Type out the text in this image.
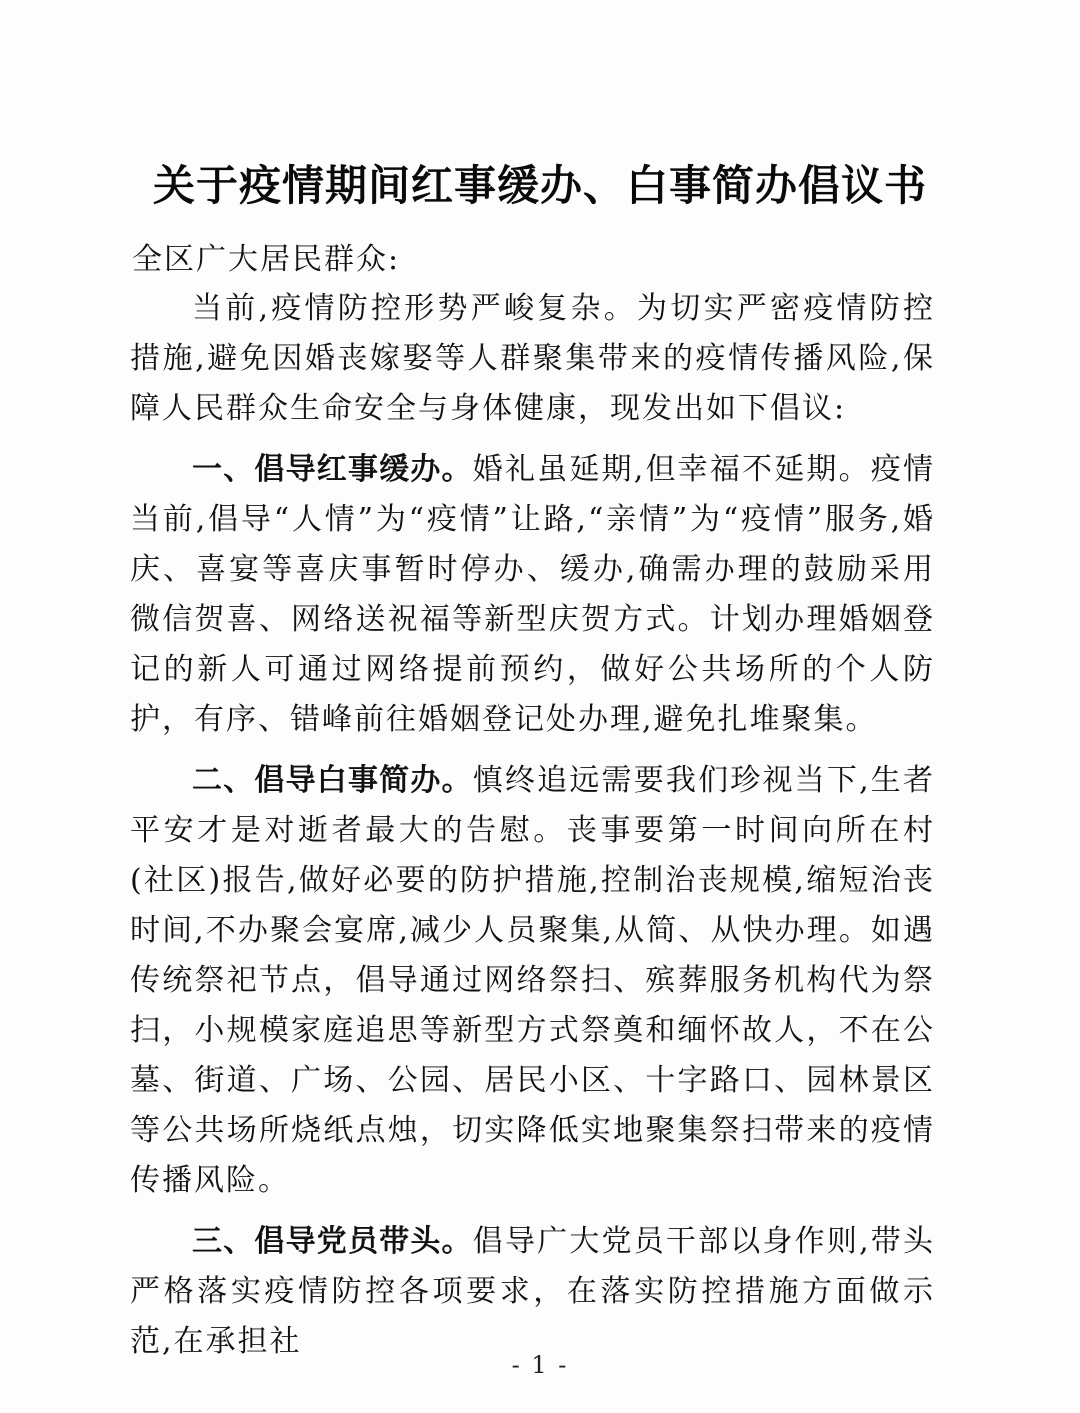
关于疫情期间红事缓办、白事简办倡议书
全区广大居民群众:

当前,疫情防控形势严峻复杂。为切实严密疫情防控措施,避免因婚丧嫁娶等人群聚集带来的疫情传播风险,保障人民群众生命安全与身体健康，现发出如下倡议:

一、倡导红事缓办。婚礼虽延期,但幸福不延期。疫情当前,倡导“人情”为“疫情”让路,“亲情”为“疫情”服务,婚庆、喜宴等喜庆事暂时停办、缓办,确需办理的鼓励采用微信贺喜、网络送祝福等新型庆贺方式。计划办理婚姻登记的新人可通过网络提前预约，做好公共场所的个人防护，有序、错峰前往婚姻登记处办理,避免扎堆聚集。

二、倡导白事简办。慎终追远需要我们珍视当下,生者平安才是对逝者最大的告慰。丧事要第一时间向所在村(社区)报告,做好必要的防护措施,控制治丧规模,缩短治丧时间,不办聚会宴席,减少人员聚集,从简、从快办理。如遇传统祭祀节点，倡导通过网络祭扫、殡葬服务机构代为祭扫，小规模家庭追思等新型方式祭奠和缅怀故人，不在公墓、街道、广场、公园、居民小区、十字路口、园林景区等公共场所烧纸点烛，切实降低实地聚集祭扫带来的疫情传播风险。

三、倡导党员带头。倡导广大党员干部以身作则,带头严格落实疫情防控各项要求，在落实防控措施方面做示范,在承担社

- 1 -
